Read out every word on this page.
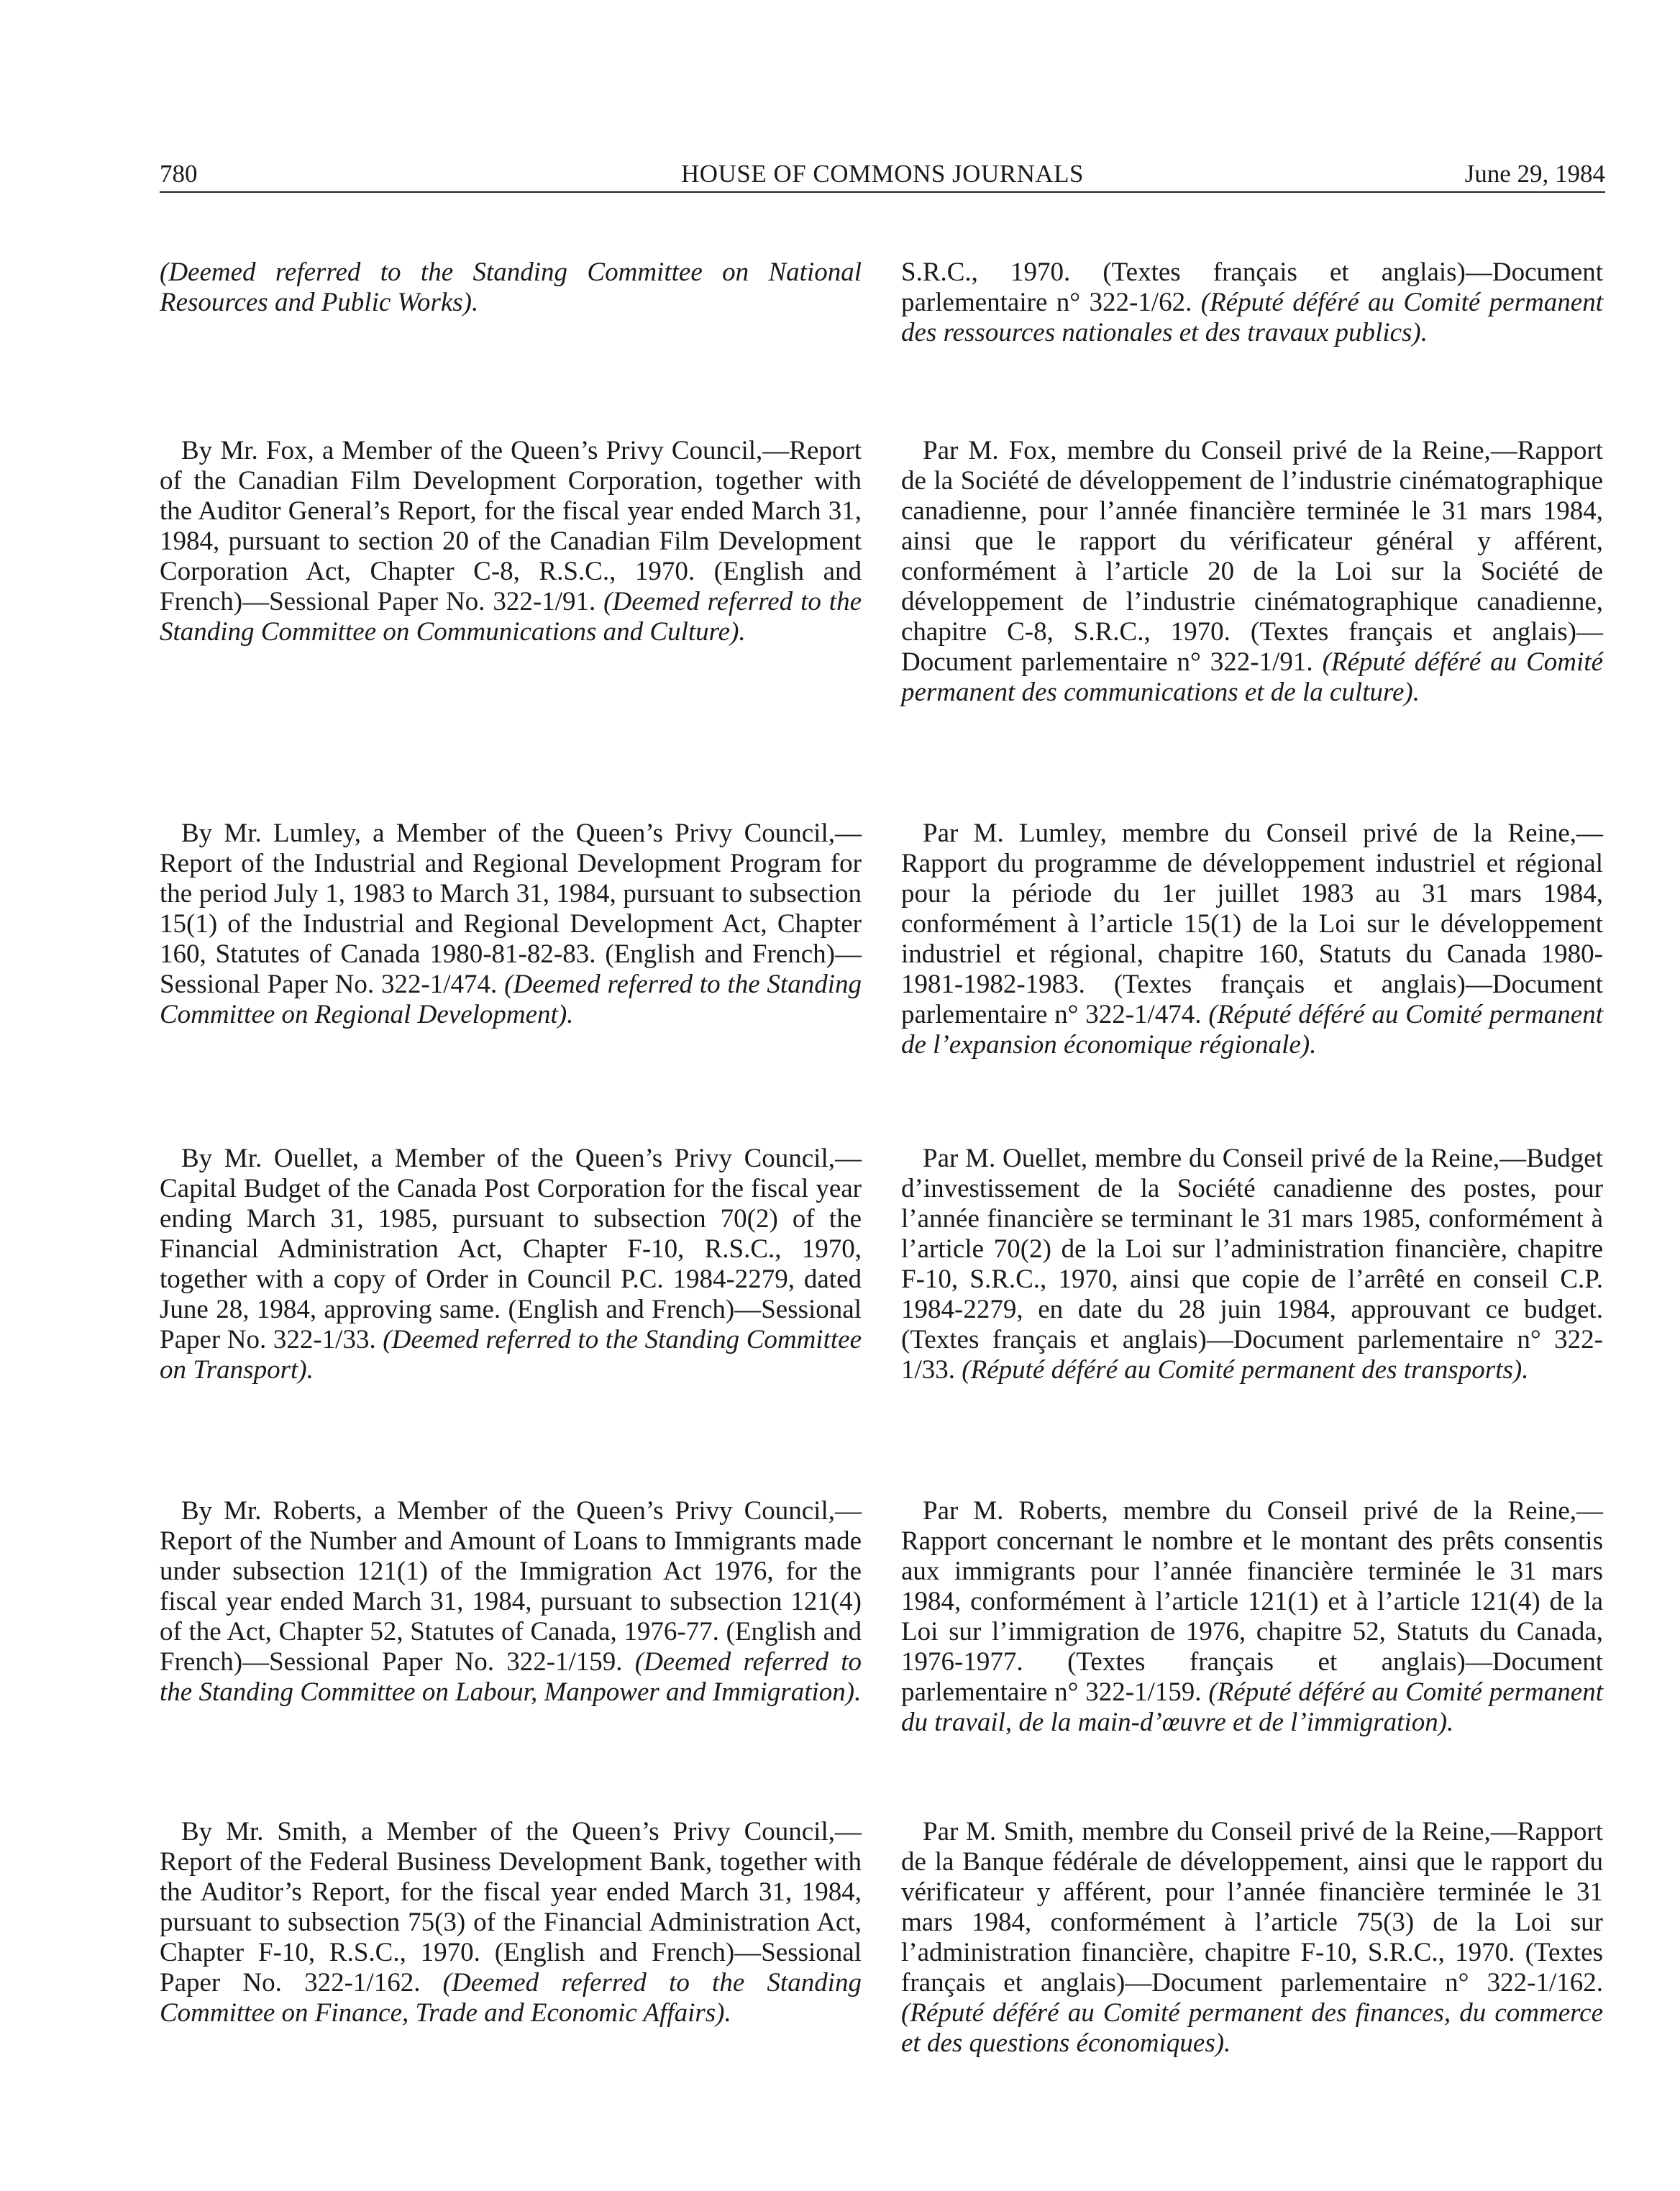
780	HOUSE OF COMMONS JOURNALS	June 29, 1984

(Deemed referred to the Standing Committee on National Resources and Public Works).

S.R.C., 1970. (Textes français et anglais)—Document parlementaire n° 322-1/62. (Réputé déféré au Comité permanent des ressources nationales et des travaux publics).

By Mr. Fox, a Member of the Queen’s Privy Council,—Report of the Canadian Film Development Corporation, together with the Auditor General’s Report, for the fiscal year ended March 31, 1984, pursuant to section 20 of the Canadian Film Development Corporation Act, Chapter C-8, R.S.C., 1970. (English and French)—Sessional Paper No. 322-1/91. (Deemed referred to the Standing Committee on Communications and Culture).

Par M. Fox, membre du Conseil privé de la Reine,—Rapport de la Société de développement de l’industrie cinématographique canadienne, pour l’année financière terminée le 31 mars 1984, ainsi que le rapport du vérificateur général y afférent, conformément à l’article 20 de la Loi sur la Société de développement de l’industrie cinématographique canadienne, chapitre C-8, S.R.C., 1970. (Textes français et anglais)—Document parlementaire n° 322-1/91. (Réputé déféré au Comité permanent des communications et de la culture).

By Mr. Lumley, a Member of the Queen’s Privy Council,—Report of the Industrial and Regional Development Program for the period July 1, 1983 to March 31, 1984, pursuant to subsection 15(1) of the Industrial and Regional Development Act, Chapter 160, Statutes of Canada 1980-81-82-83. (English and French)—Sessional Paper No. 322-1/474. (Deemed referred to the Standing Committee on Regional Development).

Par M. Lumley, membre du Conseil privé de la Reine,—Rapport du programme de développement industriel et régional pour la période du 1er juillet 1983 au 31 mars 1984, conformément à l’article 15(1) de la Loi sur le développement industriel et régional, chapitre 160, Statuts du Canada 1980-1981-1982-1983. (Textes français et anglais)—Document parlementaire n° 322-1/474. (Réputé déféré au Comité permanent de l’expansion économique régionale).

By Mr. Ouellet, a Member of the Queen’s Privy Council,—Capital Budget of the Canada Post Corporation for the fiscal year ending March 31, 1985, pursuant to subsection 70(2) of the Financial Administration Act, Chapter F-10, R.S.C., 1970, together with a copy of Order in Council P.C. 1984-2279, dated June 28, 1984, approving same. (English and French)—Sessional Paper No. 322-1/33. (Deemed referred to the Standing Committee on Transport).

Par M. Ouellet, membre du Conseil privé de la Reine,—Budget d’investissement de la Société canadienne des postes, pour l’année financière se terminant le 31 mars 1985, conformément à l’article 70(2) de la Loi sur l’administration financière, chapitre F-10, S.R.C., 1970, ainsi que copie de l’arrêté en conseil C.P. 1984-2279, en date du 28 juin 1984, approuvant ce budget. (Textes français et anglais)—Document parlementaire n° 322-1/33. (Réputé déféré au Comité permanent des transports).

By Mr. Roberts, a Member of the Queen’s Privy Council,—Report of the Number and Amount of Loans to Immigrants made under subsection 121(1) of the Immigration Act 1976, for the fiscal year ended March 31, 1984, pursuant to subsection 121(4) of the Act, Chapter 52, Statutes of Canada, 1976-77. (English and French)—Sessional Paper No. 322-1/159. (Deemed referred to the Standing Committee on Labour, Manpower and Immigration).

Par M. Roberts, membre du Conseil privé de la Reine,—Rapport concernant le nombre et le montant des prêts consentis aux immigrants pour l’année financière terminée le 31 mars 1984, conformément à l’article 121(1) et à l’article 121(4) de la Loi sur l’immigration de 1976, chapitre 52, Statuts du Canada, 1976-1977. (Textes français et anglais)—Document parlementaire n° 322-1/159. (Réputé déféré au Comité permanent du travail, de la main-d’œuvre et de l’immigration).

By Mr. Smith, a Member of the Queen’s Privy Council,—Report of the Federal Business Development Bank, together with the Auditor’s Report, for the fiscal year ended March 31, 1984, pursuant to subsection 75(3) of the Financial Administration Act, Chapter F-10, R.S.C., 1970. (English and French)—Sessional Paper No. 322-1/162. (Deemed referred to the Standing Committee on Finance, Trade and Economic Affairs).

Par M. Smith, membre du Conseil privé de la Reine,—Rapport de la Banque fédérale de développement, ainsi que le rapport du vérificateur y afférent, pour l’année financière terminée le 31 mars 1984, conformément à l’article 75(3) de la Loi sur l’administration financière, chapitre F-10, S.R.C., 1970. (Textes français et anglais)—Document parlementaire n° 322-1/162. (Réputé déféré au Comité permanent des finances, du commerce et des questions économiques).
